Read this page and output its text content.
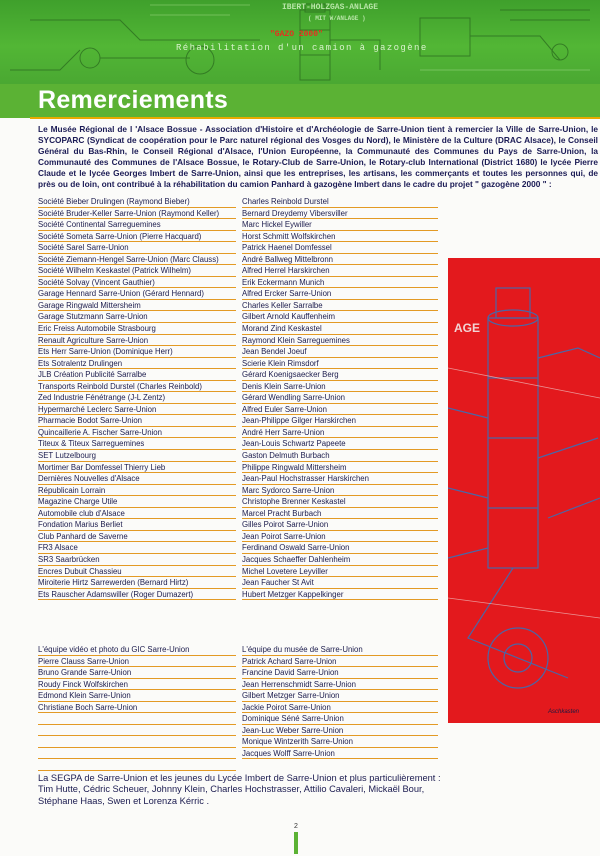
IBERT-HOLZGAS-ANLAGE
( MIT W/ANLAGE )
"GAZO 2000"
Réhabilitation d'un camion à gazogène
Remerciements
Le Musée Régional de l 'Alsace Bossue - Association d'Histoire et d'Archéologie de Sarre-Union tient à remercier la Ville de Sarre-Union, le SYCOPARC (Syndicat de coopération pour le Parc naturel régional des Vosges du Nord), le Ministère de la Culture (DRAC Alsace), le Conseil Général du Bas-Rhin, le Conseil Régional d'Alsace, l'Union Européenne, la Communauté des Communes du Pays de Sarre-Union, la Communauté des Communes de l'Alsace Bossue, le Rotary-Club de Sarre-Union, le Rotary-club International (District 1680) le lycée Pierre Claude et le lycée Georges Imbert de Sarre-Union, ainsi que les entreprises, les artisans, les commerçants et toutes les personnes qui, de près ou de loin, ont contribué à la réhabilitation du camion Panhard à gazogène Imbert dans le cadre du projet " gazogène 2000 " :
AGE
Aschkasten
Société Bieber Drulingen (Raymond Bieber)
Société Bruder-Keller Sarre-Union (Raymond Keller)
Société Continental Sarreguemines
Société Someta Sarre-Union (Pierre Hacquard)
Société Sarel Sarre-Union
Société Ziemann-Hengel Sarre-Union (Marc Clauss)
Société Wilhelm Keskastel (Patrick Wilhelm)
Société Solvay (Vincent Gauthier)
Garage Hennard Sarre-Union (Gérard Hennard)
Garage Ringwald Mittersheim
Garage Stutzmann Sarre-Union
Eric Freiss Automobile Strasbourg
Renault Agriculture Sarre-Union
Ets Herr Sarre-Union (Dominique Herr)
Ets Sotralentz Drulingen
JLB Création Publicité Sarralbe
Transports Reinbold Durstel (Charles Reinbold)
Zed Industrie Fénétrange (J-L Zentz)
Hypermarché Leclerc Sarre-Union
Pharmacie Bodot Sarre-Union
Quincaillerie A. Fischer Sarre-Union
Titeux & Titeux Sarreguemines
SET Lutzelbourg
Mortimer Bar Domfessel Thierry Lieb
Dernières Nouvelles d'Alsace
Républicain Lorrain
Magazine Charge Utile
Automobile club d'Alsace
Fondation Marius Berliet
Club Panhard de Saverne
FR3 Alsace
SR3 Saarbrücken
Encres Dubuit Chassieu
Miroiterie Hirtz Sarrewerden (Bernard Hirtz)
Ets Rauscher Adamswiller (Roger Dumazert)
Charles Reinbold Durstel
Bernard Dreydemy Vibersviller
Marc Hickel Eywiller
Horst Schmitt Wolfskirchen
Patrick Haenel Domfessel
André Ballweg Mittelbronn
Alfred Herrel Harskirchen
Erik Eckermann Munich
Alfred Ercker Sarre-Union
Charles Keller Sarralbe
Gilbert Arnold Kauffenheim
Morand Zind Keskastel
Raymond Klein Sarreguemines
Jean Bendel Joeuf
Scierie Klein Rimsdorf
Gérard Koenigsaecker Berg
Denis Klein Sarre-Union
Gérard Wendling Sarre-Union
Alfred Euler Sarre-Union
Jean-Philippe Gilger Harskirchen
André Herr Sarre-Union
Jean-Louis Schwartz Papeete
Gaston Delmuth Burbach
Philippe Ringwald Mittersheim
Jean-Paul Hochstrasser Harskirchen
Marc Sydorco Sarre-Union
Christophe Brenner Keskastel
Marcel Pracht Burbach
Gilles Poirot Sarre-Union
Jean Poirot Sarre-Union
Ferdinand Oswald Sarre-Union
Jacques Schaeffer Dahlenheim
Michel Lovetere Leyviller
Jean Faucher St Avit
Hubert Metzger Kappelkinger
L'équipe vidéo et photo du GIC Sarre-Union
Pierre Clauss Sarre-Union
Bruno Grande Sarre-Union
Roudy Finck Wolfskirchen
Edmond Klein Sarre-Union
Christiane Boch Sarre-Union
L'équipe du musée de Sarre-Union
Patrick Achard Sarre-Union
Francine David Sarre-Union
Jean Herrenschmidt Sarre-Union
Gilbert Metzger Sarre-Union
Jackie Poirot Sarre-Union
Dominique Séné Sarre-Union
Jean-Luc Weber Sarre-Union
Monique Wintzerith Sarre-Union
Jacques Wolff Sarre-Union
La SEGPA de Sarre-Union et les jeunes du Lycée Imbert de Sarre-Union et plus particulièrement : Tim Hutte, Cédric Scheuer, Johnny Klein, Charles Hochstrasser, Attilio Cavaleri, Mickaël Bour, Stéphane Haas, Swen et Lorenza Kérric .
2
